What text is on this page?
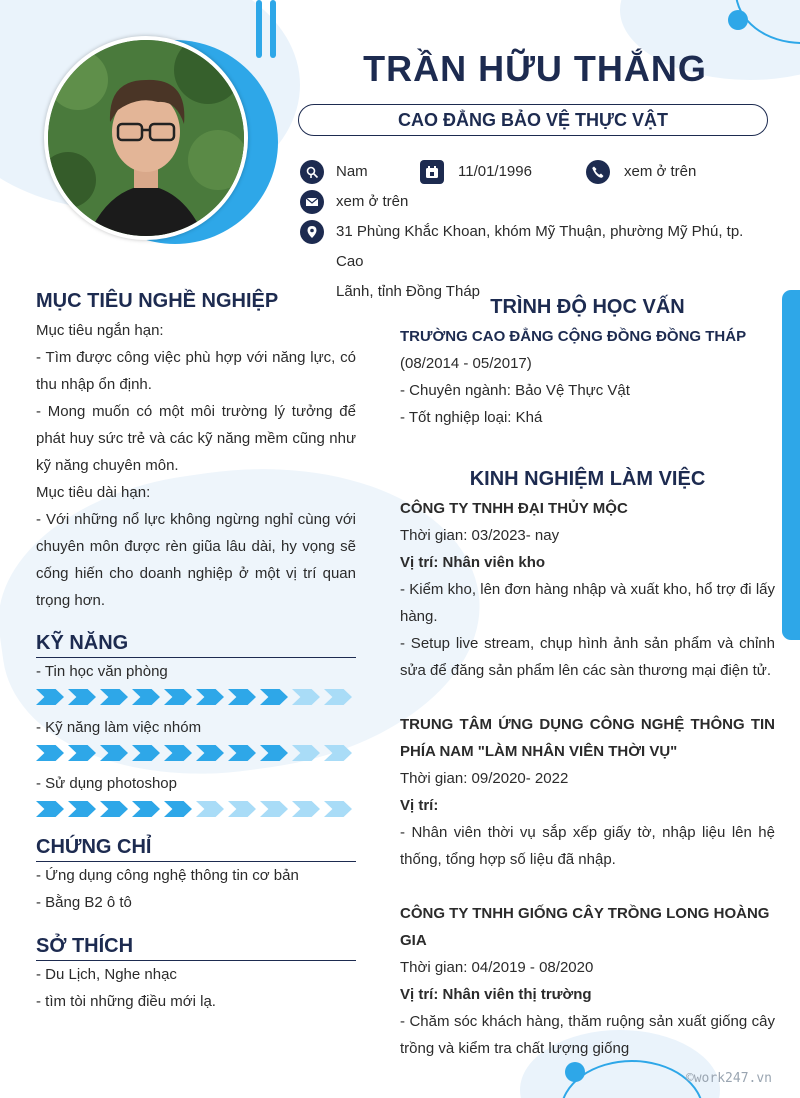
TRẦN HỮU THẮNG
CAO ĐẲNG BẢO VỆ THỰC VẬT
Nam	11/01/1996	xem ở trên
xem ở trên
31 Phùng Khắc Khoan, khóm Mỹ Thuận, phường Mỹ Phú, tp. Cao
Lãnh, tỉnh Đồng Tháp
MỤC TIÊU NGHỀ NGHIỆP

Mục tiêu ngắn hạn:

- Tìm được công việc phù hợp với năng lực, có thu nhập ổn định.

- Mong muốn có một môi trường lý tưởng để phát huy sức trẻ và các kỹ năng mềm cũng như kỹ năng chuyên môn.

Mục tiêu dài hạn:

- Với những nổ lực không ngừng nghỉ cùng với chuyên môn được rèn giũa lâu dài, hy vọng sẽ cống hiến cho doanh nghiệp ở một vị trí quan trọng hơn.

KỸ NĂNG

- Tin học văn phòng

- Kỹ năng làm việc nhóm

- Sử dụng photoshop

CHỨNG CHỈ

- Ứng dụng công nghệ thông tin cơ bản

- Bằng B2 ô tô

SỞ THÍCH

- Du Lịch, Nghe nhạc

- tìm tòi những điều mới lạ.

TRÌNH ĐỘ HỌC VẤN

TRƯỜNG CAO ĐẲNG CỘNG ĐỒNG ĐỒNG THÁP

(08/2014 - 05/2017)

- Chuyên ngành: Bảo Vệ Thực Vật

- Tốt nghiệp loại: Khá

KINH NGHIỆM LÀM VIỆC

CÔNG TY TNHH ĐẠI THỦY MỘC

Thời gian: 03/2023- nay

Vị trí: Nhân viên kho

- Kiểm kho, lên đơn hàng nhập và xuất kho, hổ trợ đi lấy hàng.

- Setup live stream, chụp hình ảnh sản phẩm và chỉnh sửa để đăng sản phẩm lên các sàn thương mại điện tử.

TRUNG TÂM ỨNG DỤNG CÔNG NGHỆ THÔNG TIN PHÍA NAM "LÀM NHÂN VIÊN THỜI VỤ"

Thời gian: 09/2020- 2022

Vị trí:

- Nhân viên thời vụ sắp xếp giấy tờ, nhập liệu lên hệ thống, tổng hợp số liệu đã nhập.

CÔNG TY TNHH GIỐNG CÂY TRỒNG LONG HOÀNG GIA

Thời gian: 04/2019 - 08/2020

Vị trí: Nhân viên thị trường

- Chăm sóc khách hàng, thăm ruộng sản xuất giống cây trồng và kiểm tra chất lượng giống

©work247.vn
